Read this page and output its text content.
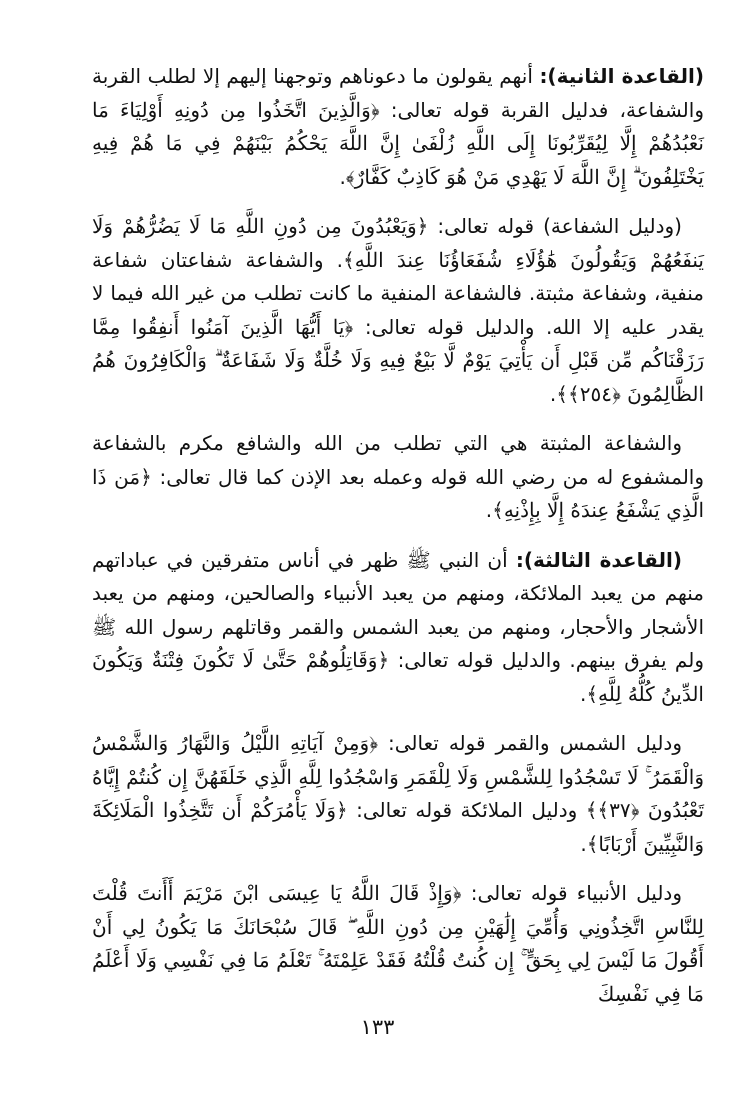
(القاعدة الثانية): أنهم يقولون ما دعوناهم وتوجهنا إليهم إلا لطلب القربة والشفاعة، فدليل القربة قوله تعالى: ﴿وَالَّذِينَ اتَّخَذُوا مِن دُونِهِ أَوْلِيَاءَ مَا نَعْبُدُهُمْ إِلَّا لِيُقَرِّبُونَا إِلَى اللَّهِ زُلْفَىٰ إِنَّ اللَّهَ يَحْكُمُ بَيْنَهُمْ فِي مَا هُمْ فِيهِ يَخْتَلِفُونَ ۗ إِنَّ اللَّهَ لَا يَهْدِي مَنْ هُوَ كَاذِبٌ كَفَّارٌ﴾.

(ودليل الشفاعة) قوله تعالى: ﴿وَيَعْبُدُونَ مِن دُونِ اللَّهِ مَا لَا يَضُرُّهُمْ وَلَا يَنفَعُهُمْ وَيَقُولُونَ هَٰؤُلَاءِ شُفَعَاؤُنَا عِندَ اللَّهِ﴾. والشفاعة شفاعتان شفاعة منفية، وشفاعة مثبتة. فالشفاعة المنفية ما كانت تطلب من غير الله فيما لا يقدر عليه إلا الله. والدليل قوله تعالى: ﴿يَا أَيُّهَا الَّذِينَ آمَنُوا أَنفِقُوا مِمَّا رَزَقْنَاكُم مِّن قَبْلِ أَن يَأْتِيَ يَوْمٌ لَّا بَيْعٌ فِيهِ وَلَا خُلَّةٌ وَلَا شَفَاعَةٌ ۗ وَالْكَافِرُونَ هُمُ الظَّالِمُونَ ﴿٢٥٤﴾﴾.

والشفاعة المثبتة هي التي تطلب من الله والشافع مكرم بالشفاعة والمشفوع له من رضي الله قوله وعمله بعد الإذن كما قال تعالى: ﴿مَن ذَا الَّذِي يَشْفَعُ عِندَهُ إِلَّا بِإِذْنِهِ﴾.

(القاعدة الثالثة): أن النبي ﷺ ظهر في أناس متفرقين في عباداتهم منهم من يعبد الملائكة، ومنهم من يعبد الأنبياء والصالحين، ومنهم من يعبد الأشجار والأحجار، ومنهم من يعبد الشمس والقمر وقاتلهم رسول الله ﷺ ولم يفرق بينهم. والدليل قوله تعالى: ﴿وَقَاتِلُوهُمْ حَتَّىٰ لَا تَكُونَ فِتْنَةٌ وَيَكُونَ الدِّينُ كُلُّهُ لِلَّهِ﴾.

ودليل الشمس والقمر قوله تعالى: ﴿وَمِنْ آيَاتِهِ اللَّيْلُ وَالنَّهَارُ وَالشَّمْسُ وَالْقَمَرُ ۚ لَا تَسْجُدُوا لِلشَّمْسِ وَلَا لِلْقَمَرِ وَاسْجُدُوا لِلَّهِ الَّذِي خَلَقَهُنَّ إِن كُنتُمْ إِيَّاهُ تَعْبُدُونَ ﴿٣٧﴾﴾ ودليل الملائكة قوله تعالى: ﴿وَلَا يَأْمُرَكُمْ أَن تَتَّخِذُوا الْمَلَائِكَةَ وَالنَّبِيِّينَ أَرْبَابًا﴾.

ودليل الأنبياء قوله تعالى: ﴿وَإِذْ قَالَ اللَّهُ يَا عِيسَى ابْنَ مَرْيَمَ أَأَنتَ قُلْتَ لِلنَّاسِ اتَّخِذُونِي وَأُمِّيَ إِلَٰهَيْنِ مِن دُونِ اللَّهِ ۖ قَالَ سُبْحَانَكَ مَا يَكُونُ لِي أَنْ أَقُولَ مَا لَيْسَ لِي بِحَقٍّ ۚ إِن كُنتُ قُلْتُهُ فَقَدْ عَلِمْتَهُ ۚ تَعْلَمُ مَا فِي نَفْسِي وَلَا أَعْلَمُ مَا فِي نَفْسِكَ

١٣٣
